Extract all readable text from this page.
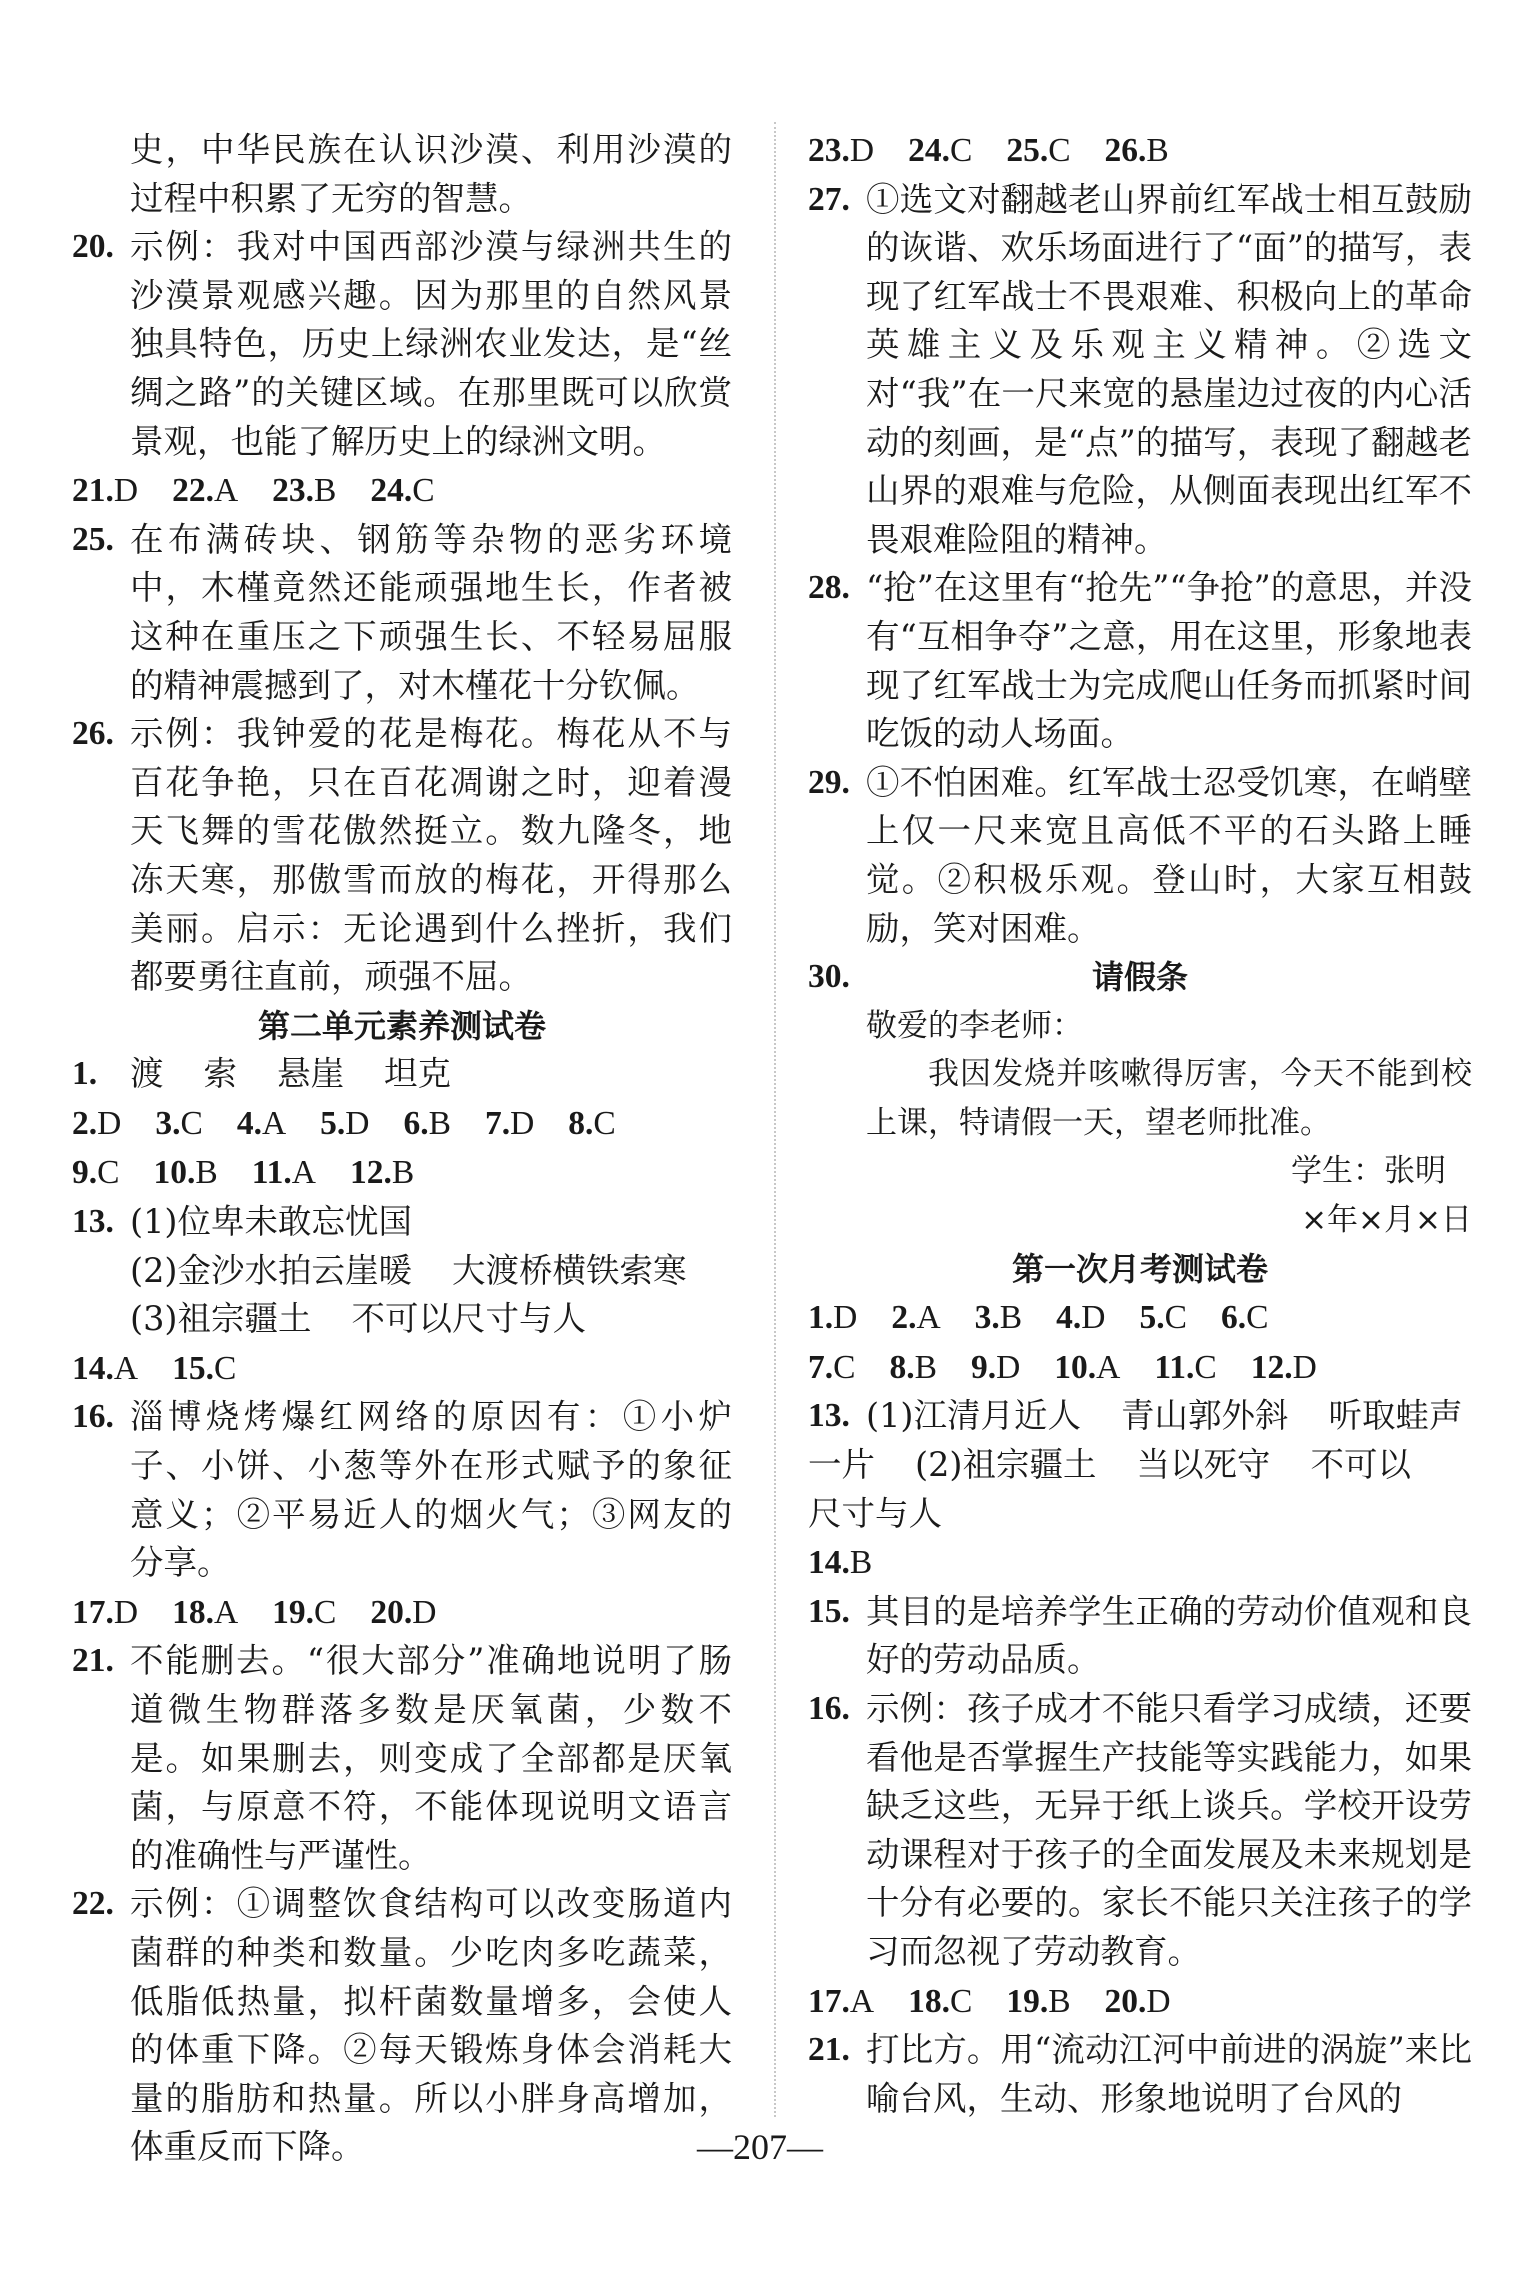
史，中华民族在认识沙漠、利用沙漠的过程中积累了无穷的智慧。
20. 示例：我对中国西部沙漠与绿洲共生的沙漠景观感兴趣。因为那里的自然风景独具特色，历史上绿洲农业发达，是“丝绸之路”的关键区域。在那里既可以欣赏景观，也能了解历史上的绿洲文明。
21.D 22.A 23.B 24.C
25. 在布满砖块、钢筋等杂物的恶劣环境中，木槿竟然还能顽强地生长，作者被这种在重压之下顽强生长、不轻易屈服的精神震撼到了，对木槿花十分钦佩。
26. 示例：我钟爱的花是梅花。梅花从不与百花争艳，只在百花凋谢之时，迎着漫天飞舞的雪花傲然挺立。数九隆冬，地冻天寒，那傲雪而放的梅花，开得那么美丽。启示：无论遇到什么挫折，我们都要勇往直前，顽强不屈。
第二单元素养测试卷
1. 渡 索 悬崖 坦克
2.D 3.C 4.A 5.D 6.B 7.D 8.C
9.C 10.B 11.A 12.B
13. (1)位卑未敢忘忧国
(2)金沙水拍云崖暖 大渡桥横铁索寒
(3)祖宗疆土 不可以尺寸与人
14.A 15.C
16. 淄博烧烤爆红网络的原因有：①小炉子、小饼、小葱等外在形式赋予的象征意义；②平易近人的烟火气；③网友的分享。
17.D 18.A 19.C 20.D
21. 不能删去。“很大部分”准确地说明了肠道微生物群落多数是厌氧菌，少数不是。如果删去，则变成了全部都是厌氧菌，与原意不符，不能体现说明文语言的准确性与严谨性。
22. 示例：①调整饮食结构可以改变肠道内菌群的种类和数量。少吃肉多吃蔬菜，低脂低热量，拟杆菌数量增多，会使人的体重下降。②每天锻炼身体会消耗大量的脂肪和热量。所以小胖身高增加，体重反而下降。
23.D 24.C 25.C 26.B
27. ①选文对翻越老山界前红军战士相互鼓励的诙谐、欢乐场面进行了“面”的描写，表现了红军战士不畏艰难、积极向上的革命英雄主义及乐观主义精神。②选文对“我”在一尺来宽的悬崖边过夜的内心活动的刻画，是“点”的描写，表现了翻越老山界的艰难与危险，从侧面表现出红军不畏艰难险阻的精神。
28. “抢”在这里有“抢先”“争抢”的意思，并没有“互相争夺”之意，用在这里，形象地表现了红军战士为完成爬山任务而抓紧时间吃饭的动人场面。
29. ①不怕困难。红军战士忍受饥寒，在峭壁上仅一尺来宽且高低不平的石头路上睡觉。②积极乐观。登山时，大家互相鼓励，笑对困难。
30.	请假条
敬爱的李老师：
我因发烧并咳嗽得厉害，今天不能到校上课，特请假一天，望老师批准。
学生：张明
×年×月×日
第一次月考测试卷
1.D 2.A 3.B 4.D 5.C 6.C
7.C 8.B 9.D 10.A 11.C 12.D
13. (1)江清月近人 青山郭外斜 听取蛙声
一片 (2)祖宗疆土 当以死守 不可以
尺寸与人
14.B
15. 其目的是培养学生正确的劳动价值观和良好的劳动品质。
16. 示例：孩子成才不能只看学习成绩，还要看他是否掌握生产技能等实践能力，如果缺乏这些，无异于纸上谈兵。学校开设劳动课程对于孩子的全面发展及未来规划是十分有必要的。家长不能只关注孩子的学习而忽视了劳动教育。
17.A 18.C 19.B 20.D
21. 打比方。用“流动江河中前进的涡旋”来比喻台风，生动、形象地说明了台风的
—207—
